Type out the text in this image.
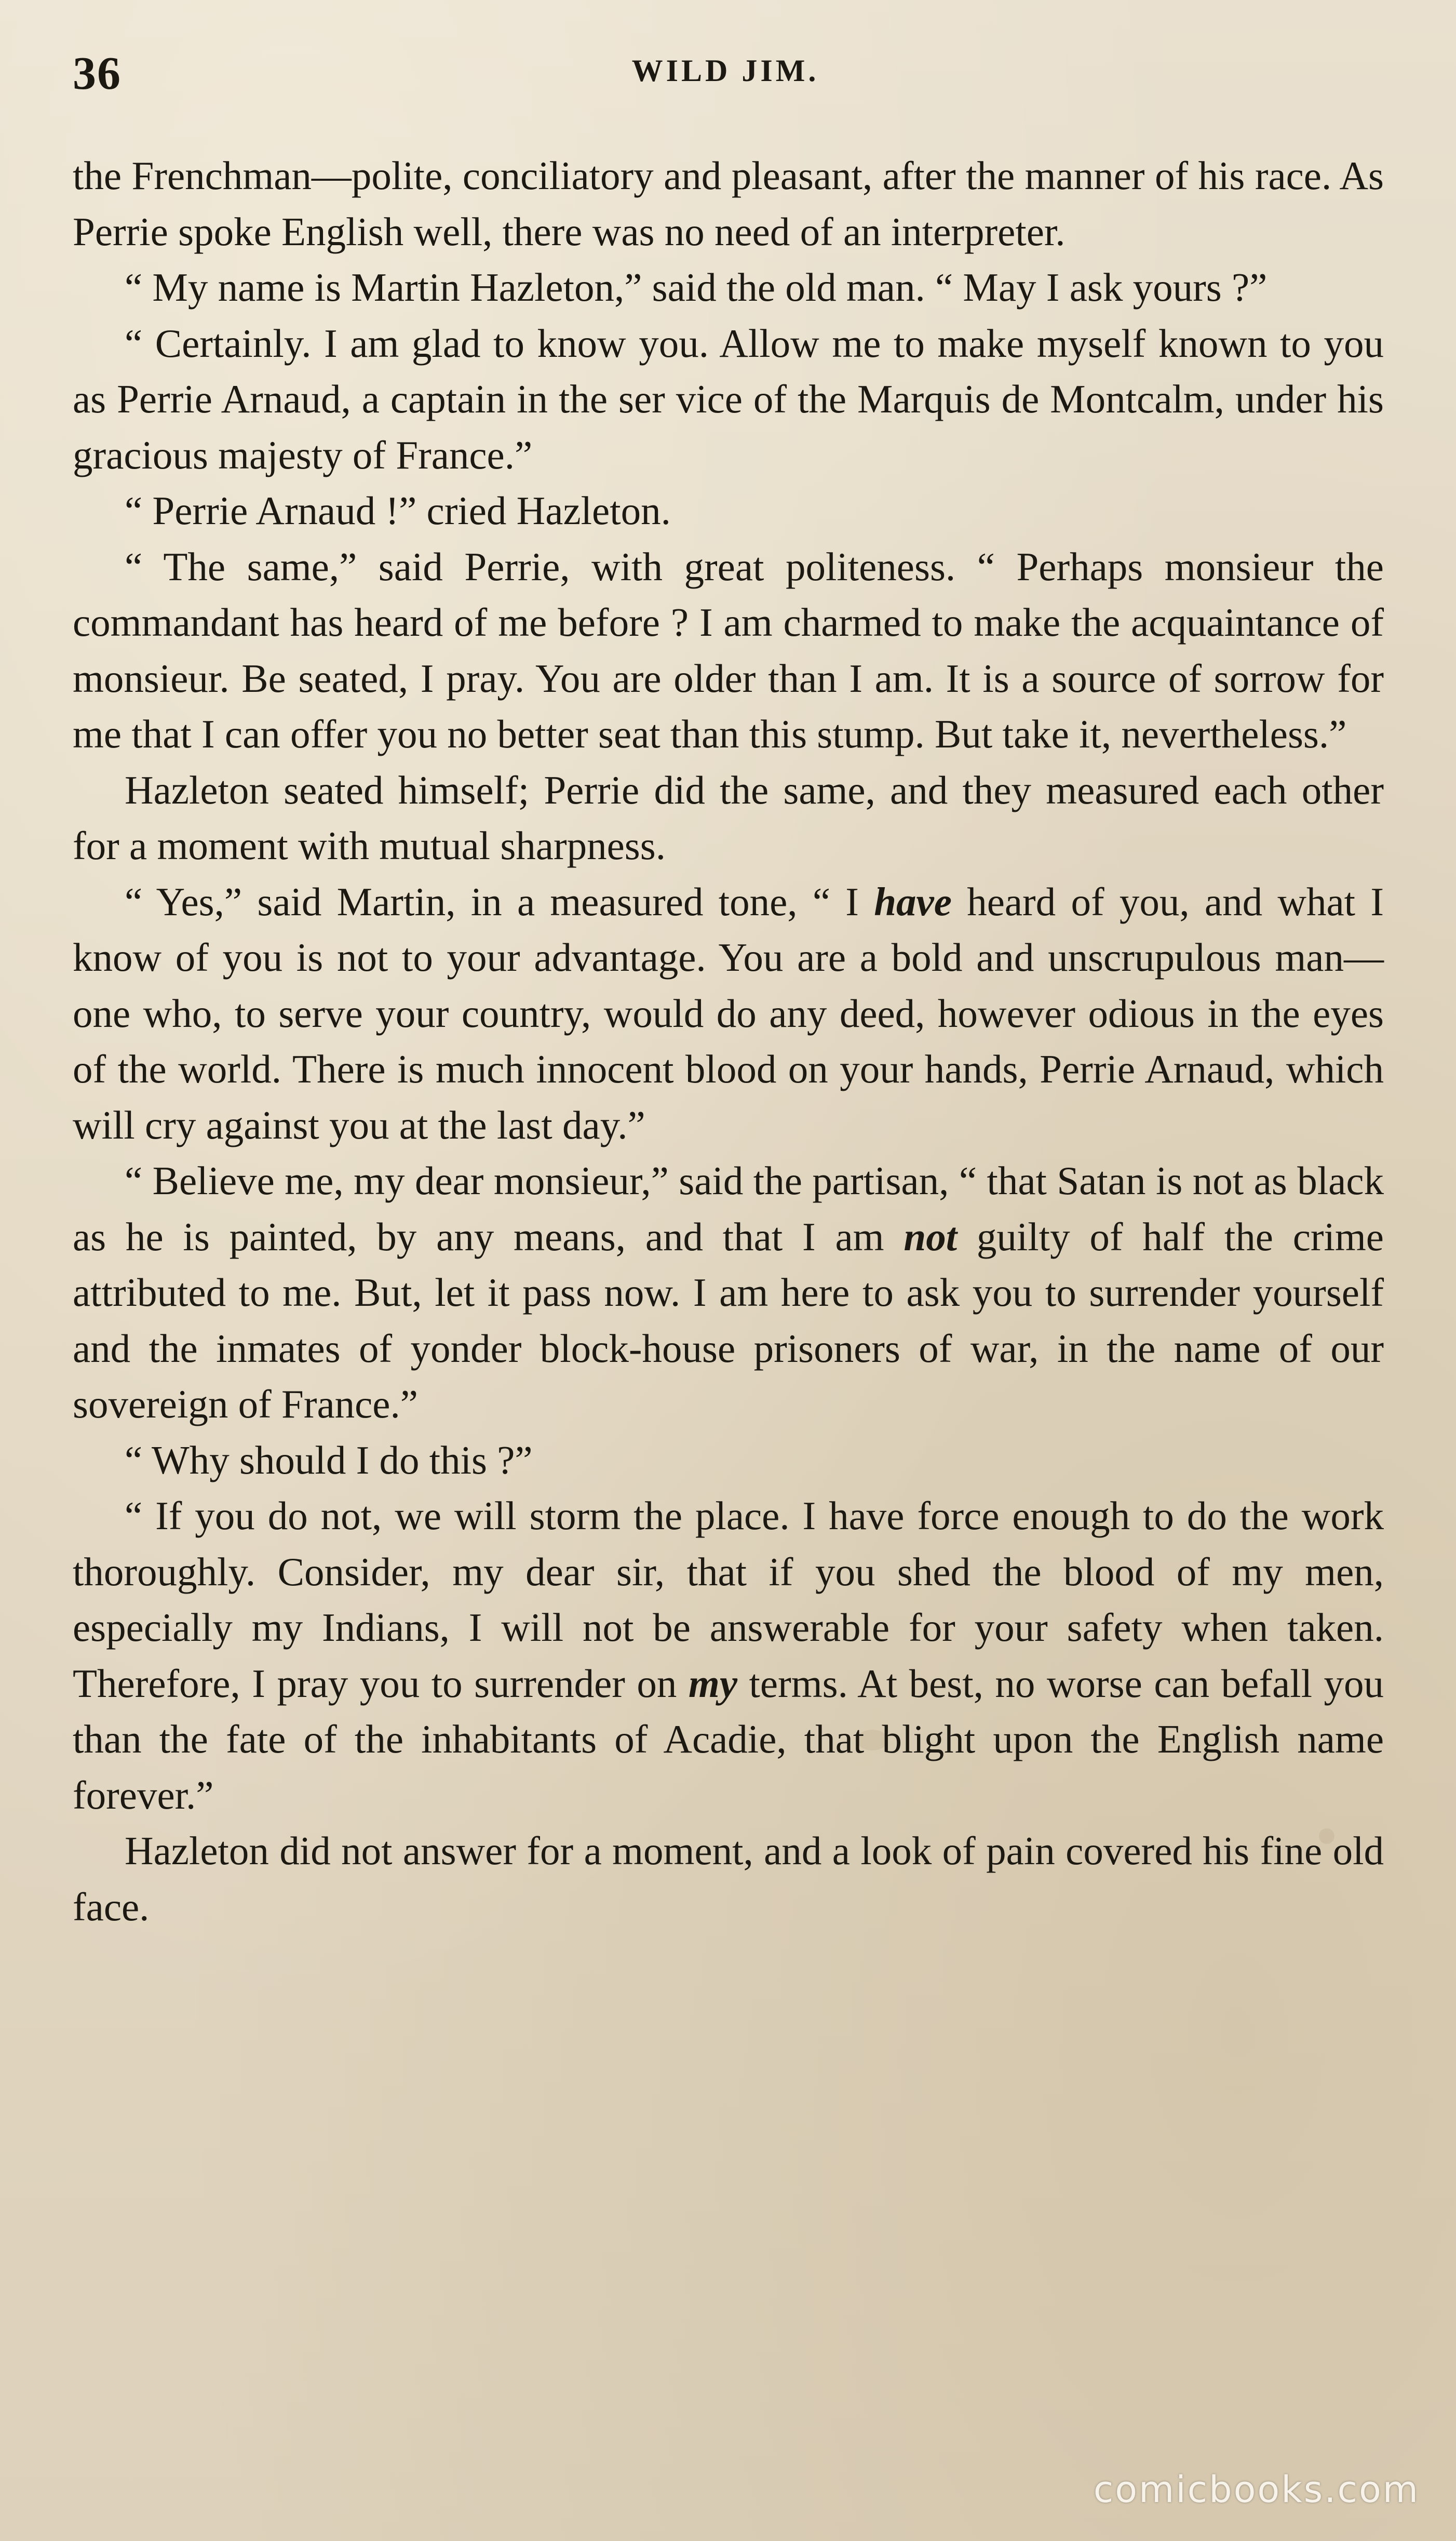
36	WILD JIM.

the Frenchman—polite, conciliatory and pleasant, after the manner of his race. As Perrie spoke English well, there was no need of an interpreter.

“ My name is Martin Hazleton,” said the old man. “ May I ask yours ?”

“ Certainly. I am glad to know you. Allow me to make myself known to you as Perrie Arnaud, a captain in the ser vice of the Marquis de Montcalm, under his gracious majesty of France.”

“ Perrie Arnaud !” cried Hazleton.

“ The same,” said Perrie, with great politeness. “ Perhaps monsieur the commandant has heard of me before ? I am charmed to make the acquaintance of monsieur. Be seated, I pray. You are older than I am. It is a source of sorrow for me that I can offer you no better seat than this stump. But take it, nevertheless.”

Hazleton seated himself; Perrie did the same, and they measured each other for a moment with mutual sharpness.

“ Yes,” said Martin, in a measured tone, “ I have heard of you, and what I know of you is not to your advantage. You are a bold and unscrupulous man—one who, to serve your country, would do any deed, however odious in the eyes of the world. There is much innocent blood on your hands, Perrie Arnaud, which will cry against you at the last day.”

“ Believe me, my dear monsieur,” said the partisan, “ that Satan is not as black as he is painted, by any means, and that I am not guilty of half the crime attributed to me. But, let it pass now. I am here to ask you to surrender yourself and the inmates of yonder block-house prisoners of war, in the name of our sovereign of France.”

“ Why should I do this ?”

“ If you do not, we will storm the place. I have force enough to do the work thoroughly. Consider, my dear sir, that if you shed the blood of my men, especially my Indians, I will not be answerable for your safety when taken. Therefore, I pray you to surrender on my terms. At best, no worse can befall you than the fate of the inhabitants of Acadie, that blight upon the English name forever.”

Hazleton did not answer for a moment, and a look of pain covered his fine old face.

comicbooks.com
